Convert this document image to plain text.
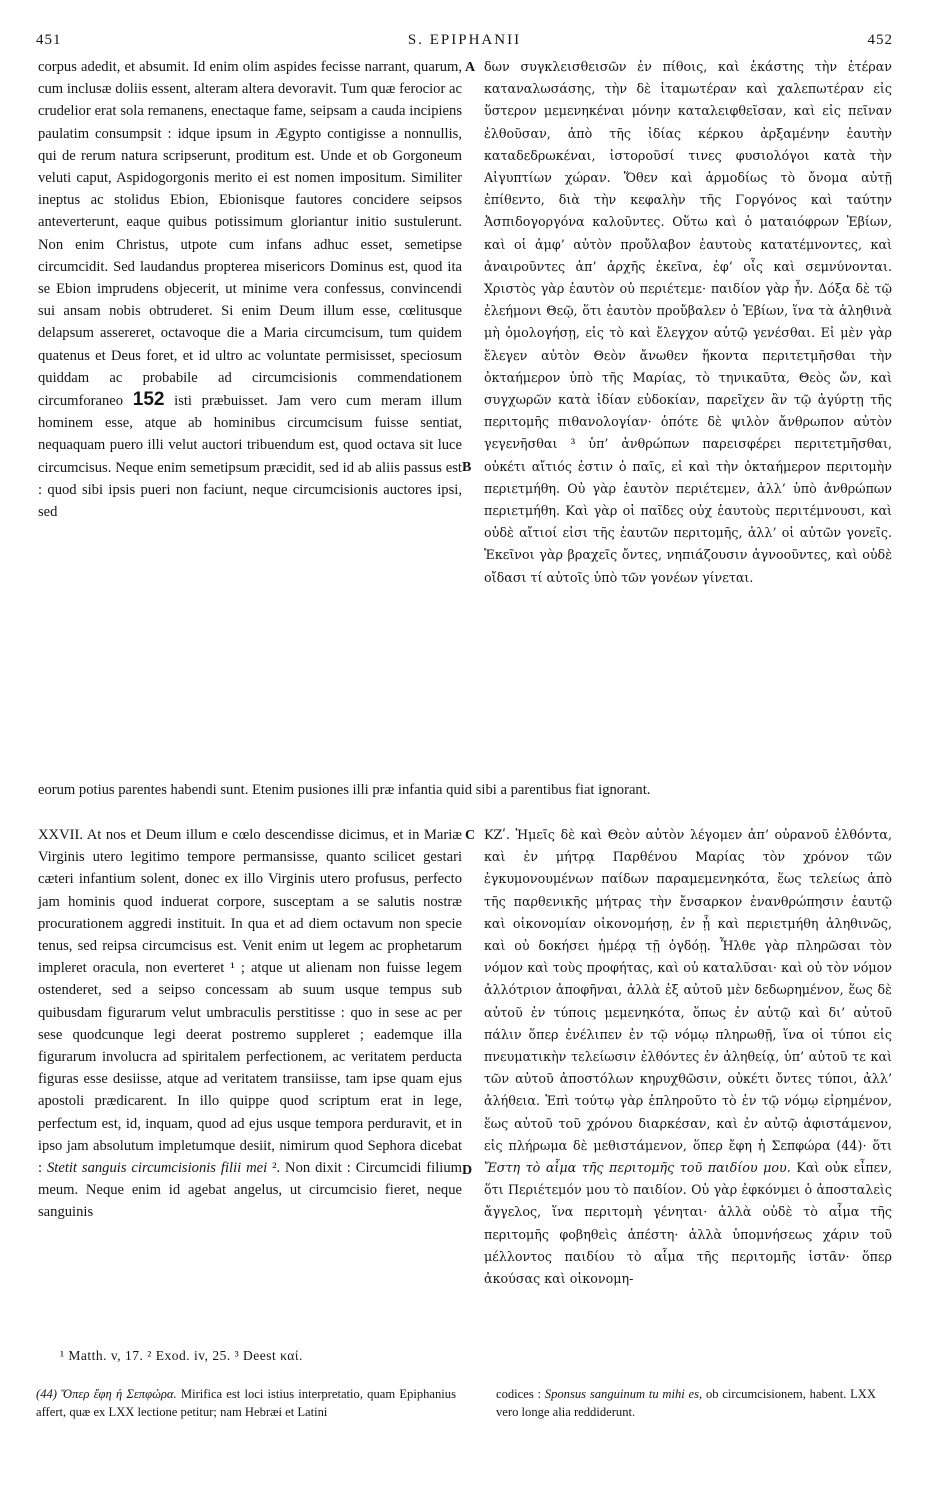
451	S. EPIPHANII	452

corpus adedit, et absumit. Id enim olim aspides fecisse narrant, quarum, cum inclusæ doliis essent, alteram altera devoravit. Tum quæ ferocior ac crudelior erat sola remanens, enectaque fame, seipsam a cauda incipiens paulatim consumpsit : idque ipsum in Ægypto contigisse a nonnullis, qui de rerum natura scripserunt, proditum est. Unde et ob Gorgoneum veluti caput, Aspidogorgonis merito ei est nomen impositum. Similiter ineptus ac stolidus Ebion, Ebionisque fautores concidere seipsos anteverterunt, eaque quibus potissimum gloriantur initio sustulerunt. Non enim Christus, utpote cum infans adhuc esset, semetipse circumcidit. Sed laudandus propterea misericors Dominus est, quod ita se Ebion imprudens objecerit, ut minime vera confessus, convincendi sui ansam nobis obtruderet. Si enim Deum illum esse, cœlitusque delapsum assereret, octavoque die a Maria circumcisum, tum quidem quatenus et Deus foret, et id ultro ac voluntate permisisset, speciosum quiddam ac probabile ad circumcisionis commendationem circumforaneo 152 isti præbuisset. Jam vero cum meram illum hominem esse, atque ab hominibus circumcisum fuisse sentiat, nequaquam puero illi velut auctori tribuendum est, quod octava sit luce circumcisus. Neque enim semetipsum præcidit, sed id ab aliis passus est : quod sibi ipsis pueri non faciunt, neque circumcisionis auctores ipsi, sed

A
B
C
D

δων συγκλεισθεισῶν ἐν πίθοις, καὶ ἑκάστης τὴν ἑτέραν καταναλωσάσης, τὴν δὲ ἰταμωτέραν καὶ χαλεπωτέραν εἰς ὕστερον μεμενηκέναι μόνην καταλειφθεῖσαν, καὶ εἰς πεῖναν ἐλθοῦσαν, ἀπὸ τῆς ἰδίας κέρκου ἀρξαμένην ἑαυτὴν καταδεδρωκέναι, ἱστοροῦσί τινες φυσιολόγοι κατὰ τὴν Αἰγυπτίων χώραν. Ὅθεν καὶ ἁρμοδίως τὸ ὄνομα αὐτῇ ἐπίθεντο, διὰ τὴν κεφαλὴν τῆς Γοργόνος καὶ ταύτην Ἀσπιδογοργόνα καλοῦντες. Οὕτω καὶ ὁ ματαιόφρων Ἐβίων, καὶ οἱ ἀμφ’ αὐτὸν προὔλαβον ἑαυτοὺς κατατέμνοντες, καὶ ἀναιροῦντες ἀπ’ ἀρχῆς ἐκεῖνα, ἐφ’ οἷς καὶ σεμνύνονται. Χριστὸς γὰρ ἑαυτὸν οὐ περιέτεμε· παιδίον γὰρ ἦν. Δόξα δὲ τῷ ἐλεήμονι Θεῷ, ὅτι ἑαυτὸν προὔβαλεν ὁ Ἐβίων, ἵνα τὰ ἀληθινὰ μὴ ὁμολογήσῃ, εἰς τὸ καὶ ἔλεγχον αὐτῷ γενέσθαι. Εἰ μὲν γὰρ ἔλεγεν αὐτὸν Θεὸν ἄνωθεν ἥκοντα περιτετμῆσθαι τὴν ὀκταήμερον ὑπὸ τῆς Μαρίας, τὸ τηνικαῦτα, Θεὸς ὤν, καὶ συγχωρῶν κατὰ ἰδίαν εὐδοκίαν, παρεῖχεν ἂν τῷ ἀγύρτῃ τῆς περιτομῆς πιθανολογίαν· ὁπότε δὲ ψιλὸν ἄνθρωπον αὐτὸν γεγενῆσθαι ³ ὑπ’ ἀνθρώπων παρεισφέρει περιτετμῆσθαι, οὐκέτι αἴτιός ἐστιν ὁ παῖς, εἰ καὶ τὴν ὀκταήμερον περιτομὴν περιετμήθη. Οὐ γὰρ ἑαυτὸν περιέτεμεν, ἀλλ’ ὑπὸ ἀνθρώπων περιετμήθη. Καὶ γὰρ οἱ παῖδες οὐχ ἑαυτοὺς περιτέμνουσι, καὶ οὐδὲ αἴτιοί εἰσι τῆς ἑαυτῶν περιτομῆς, ἀλλ’ οἱ αὐτῶν γονεῖς. Ἐκεῖνοι γὰρ βραχεῖς ὄντες, νηπιάζουσιν ἀγνοοῦντες, καὶ οὐδὲ οἴδασι τί αὐτοῖς ὑπὸ τῶν γονέων γίνεται.

eorum potius parentes habendi sunt. Etenim pusiones illi præ infantia quid sibi a parentibus fiat ignorant.

XXVII. At nos et Deum illum e cœlo descendisse dicimus, et in Mariæ Virginis utero legitimo tempore permansisse, quanto scilicet gestari cæteri infantium solent, donec ex illo Virginis utero profusus, perfecto jam hominis quod induerat corpore, susceptam a se salutis nostræ procurationem aggredi instituit. In qua et ad diem octavum non specie tenus, sed reipsa circumcisus est. Venit enim ut legem ac prophetarum impleret oracula, non everteret ¹ ; atque ut alienam non fuisse legem ostenderet, sed a seipso concessam ab suum usque tempus sub quibusdam figurarum velut umbraculis perstitisse : quo in sese ac per sese quodcunque legi deerat postremo suppleret ; eademque illa figurarum involucra ad spiritalem perfectionem, ac veritatem perducta figuras esse desiisse, atque ad veritatem transiisse, tam ipse quam ejus apostoli prædicarent. In illo quippe quod scriptum erat in lege, perfectum est, id, inquam, quod ad ejus usque tempora perduravit, et in ipso jam absolutum impletumque desiit, nimirum quod Sephora dicebat : Stetit sanguis circumcisionis filii mei ². Non dixit : Circumcidi filium meum. Neque enim id agebat angelus, ut circumcisio fieret, neque sanguinis

ΚΖʹ. Ἡμεῖς δὲ καὶ Θεὸν αὐτὸν λέγομεν ἀπ’ οὐρανοῦ ἐλθόντα, καὶ ἐν μήτρᾳ Παρθένου Μαρίας τὸν χρόνον τῶν ἐγκυμονουμένων παίδων παραμεμενηκότα, ἕως τελείως ἀπὸ τῆς παρθενικῆς μήτρας τὴν ἔνσαρκον ἐνανθρώπησιν ἑαυτῷ καὶ οἰκονομίαν οἰκονομήσῃ, ἐν ᾗ καὶ περιετμήθη ἀληθινῶς, καὶ οὐ δοκήσει ἡμέρᾳ τῇ ὀγδόῃ. Ἦλθε γὰρ πληρῶσαι τὸν νόμον καὶ τοὺς προφήτας, καὶ οὐ καταλῦσαι· καὶ οὐ τὸν νόμον ἀλλότριον ἀποφῆναι, ἀλλὰ ἐξ αὐτοῦ μὲν δεδωρημένον, ἕως δὲ αὐτοῦ ἐν τύποις μεμενηκότα, ὅπως ἐν αὐτῷ καὶ δι’ αὐτοῦ πάλιν ὅπερ ἐνέλιπεν ἐν τῷ νόμῳ πληρωθῇ, ἵνα οἱ τύποι εἰς πνευματικὴν τελείωσιν ἐλθόντες ἐν ἀληθείᾳ, ὑπ’ αὐτοῦ τε καὶ τῶν αὐτοῦ ἀποστόλων κηρυχθῶσιν, οὐκέτι ὄντες τύποι, ἀλλ’ ἀλήθεια. Ἐπὶ τούτῳ γὰρ ἐπληροῦτο τὸ ἐν τῷ νόμῳ εἰρημένον, ἕως αὐτοῦ τοῦ χρόνου διαρκέσαν, καὶ ἐν αὐτῷ ἀφιστάμενον, εἰς πλήρωμα δὲ μεθιστάμενον, ὅπερ ἔφη ἡ Σεπφώρα (44)· ὅτι Ἔστη τὸ αἷμα τῆς περιτομῆς τοῦ παιδίου μου. Καὶ οὐκ εἶπεν, ὅτι Περιέτεμόν μου τὸ παιδίον. Οὐ γὰρ ἐφκόνμει ὁ ἀποσταλεὶς ἄγγελος, ἵνα περιτομὴ γένηται· ἀλλὰ οὐδὲ τὸ αἷμα τῆς περιτομῆς φοβηθεὶς ἀπέστη· ἀλλὰ ὑπομνήσεως χάριν τοῦ μέλλοντος παιδίου τὸ αἷμα τῆς περιτομῆς ἱστᾶν· ὅπερ ἀκούσας καὶ οἰκονομη-

¹ Matth. v, 17. ² Exod. iv, 25. ³ Deest καί.

(44) Ὅπερ ἔφη ἡ Σεπφώρα. Mirifica est loci istius interpretatio, quam Epiphanius affert, quæ ex LXX lectione petitur; nam Hebræi et Latini

codices : Sponsus sanguinum tu mihi es, ob circumcisionem, habent. LXX vero longe alia reddiderunt.
